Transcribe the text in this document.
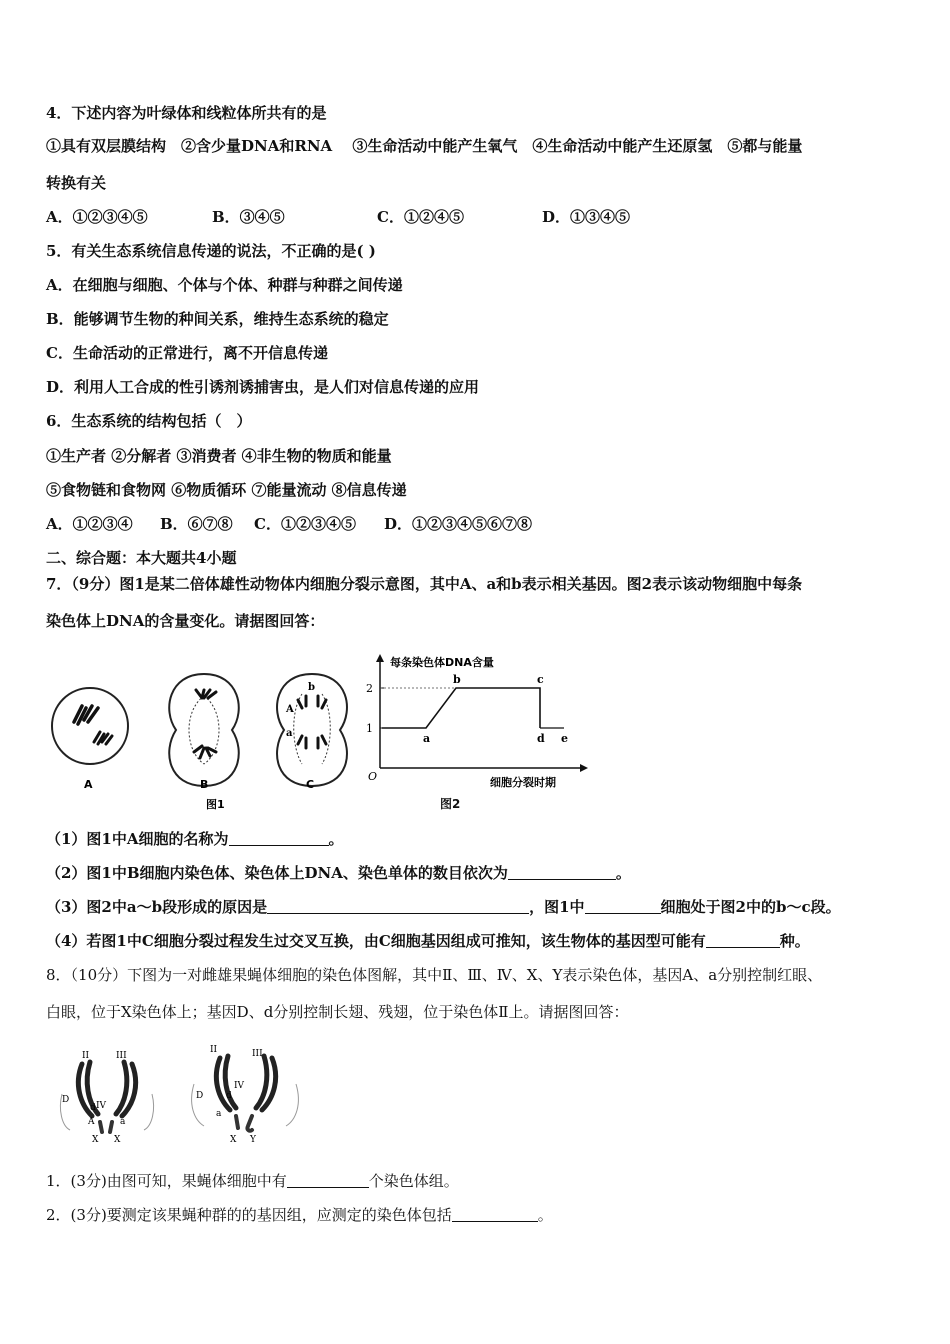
4．下述内容为叶绿体和线粒体所共有的是
①具有双层膜结构　②含少量DNA和RNA　 ③生命活动中能产生氧气　④生命活动中能产生还原氢　⑤都与能量
转换有关
A．①②③④⑤	B．③④⑤	C．①②④⑤	D．①③④⑤
5．有关生态系统信息传递的说法，不正确的是( )
A．在细胞与细胞、个体与个体、种群与种群之间传递
B．能够调节生物的种间关系，维持生态系统的稳定
C．生命活动的正常进行，离不开信息传递
D．利用人工合成的性引诱剂诱捕害虫，是人们对信息传递的应用
6．生态系统的结构包括（　）
①生产者 ②分解者 ③消费者 ④非生物的物质和能量
⑤食物链和食物网 ⑥物质循环 ⑦能量流动 ⑧信息传递
A．①②③④ B．⑥⑦⑧ C．①②③④⑤ D．①②③④⑤⑥⑦⑧
二、综合题：本大题共4小题
7．（9分）图1是某二倍体雄性动物体内细胞分裂示意图，其中A、a和b表示相关基因。图2表示该动物细胞中每条
染色体上DNA的含量变化。请据图回答：
A
a
b
A	B	C
图1
每条染色体DNA含量
细胞分裂时期
O
1
2
a
b	c
d e
图2
（1）图1中A细胞的名称为	。
（2）图1中B细胞内染色体、染色体上DNA、染色单体的数目依次为	。
（3）图2中a～b段形成的原因是	，图1中	细胞处于图2中的b～c段。
（4）若图1中C细胞分裂过程发生过交叉互换，由C细胞基因组成可推知，该生物体的基因型可能有	种。
8．（10分）下图为一对雌雄果蝇体细胞的染色体图解，其中Ⅱ、Ⅲ、Ⅳ、X、Y表示染色体，基因A、a分别控制红眼、
白眼，位于X染色体上；基因D、d分别控制长翅、残翅，位于染色体Ⅱ上。请据图回答：
II	III
IV
D
d
A	a
X X
II	III
IV
D	d
a
X Y
1．(3分)由图可知，果蝇体细胞中有	个染色体组。
2．(3分)要测定该果蝇种群的的基因组，应测定的染色体包括	。
